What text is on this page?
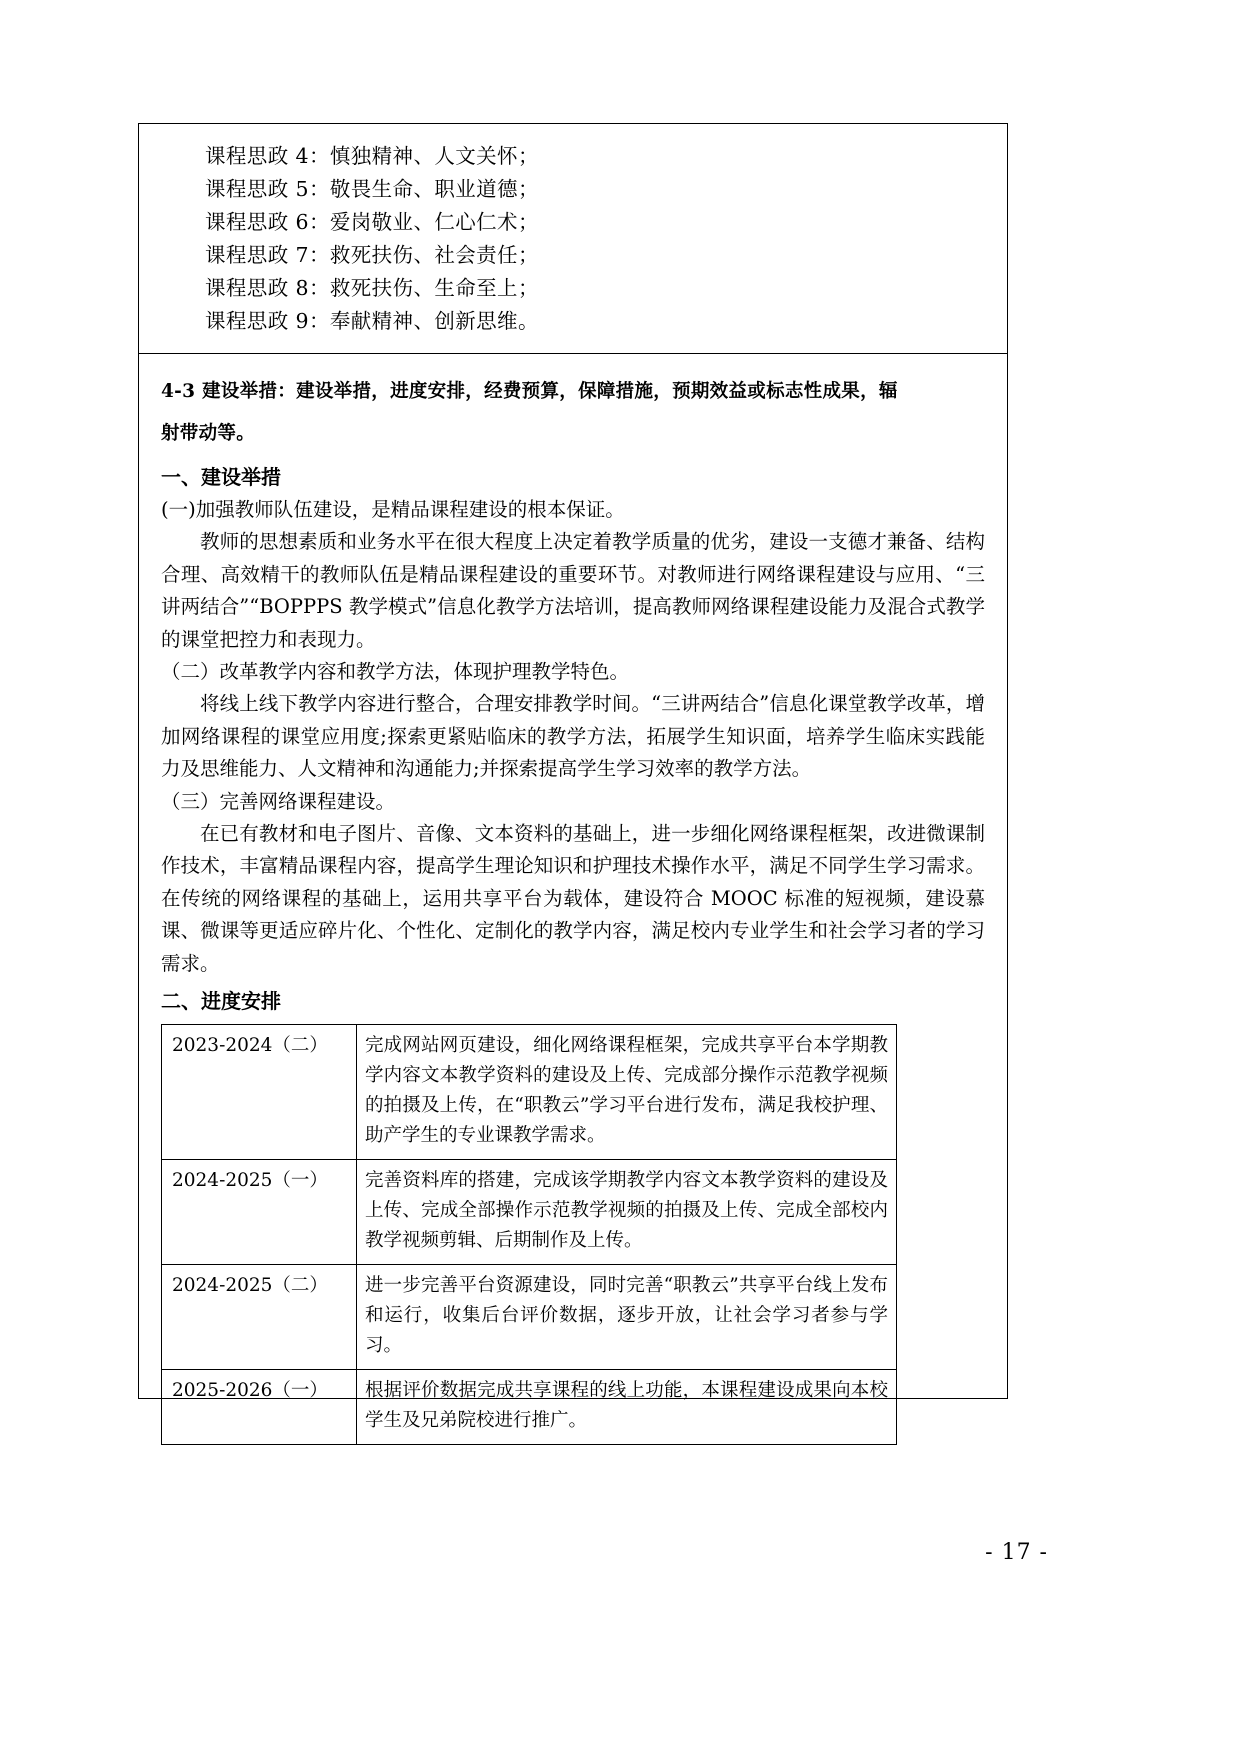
课程思政 4：慎独精神、人文关怀；
课程思政 5：敬畏生命、职业道德；
课程思政 6：爱岗敬业、仁心仁术；
课程思政 7：救死扶伤、社会责任；
课程思政 8：救死扶伤、生命至上；
课程思政 9：奉献精神、创新思维。
4-3 建设举措：建设举措，进度安排，经费预算，保障措施，预期效益或标志性成果，辐
射带动等。
一、建设举措
(一)加强教师队伍建设，是精品课程建设的根本保证。
教师的思想素质和业务水平在很大程度上决定着教学质量的优劣，建设一支德才兼备、结构合理、高效精干的教师队伍是精品课程建设的重要环节。对教师进行网络课程建设与应用、“三讲两结合”“BOPPPS 教学模式”信息化教学方法培训，提高教师网络课程建设能力及混合式教学的课堂把控力和表现力。
（二）改革教学内容和教学方法，体现护理教学特色。
将线上线下教学内容进行整合，合理安排教学时间。“三讲两结合”信息化课堂教学改革，增加网络课程的课堂应用度;探索更紧贴临床的教学方法，拓展学生知识面，培养学生临床实践能力及思维能力、人文精神和沟通能力;并探索提高学生学习效率的教学方法。
（三）完善网络课程建设。
在已有教材和电子图片、音像、文本资料的基础上，进一步细化网络课程框架，改进微课制作技术，丰富精品课程内容，提高学生理论知识和护理技术操作水平，满足不同学生学习需求。在传统的网络课程的基础上，运用共享平台为载体，建设符合 MOOC 标准的短视频，建设慕课、微课等更适应碎片化、个性化、定制化的教学内容，满足校内专业学生和社会学习者的学习需求。
二、进度安排
2023-2024（二）	完成网站网页建设，细化网络课程框架，完成共享平台本学期教学内容文本教学资料的建设及上传、完成部分操作示范教学视频的拍摄及上传，在“职教云”学习平台进行发布，满足我校护理、助产学生的专业课教学需求。
2024-2025（一）	完善资料库的搭建，完成该学期教学内容文本教学资料的建设及上传、完成全部操作示范教学视频的拍摄及上传、完成全部校内教学视频剪辑、后期制作及上传。
2024-2025（二）	进一步完善平台资源建设，同时完善“职教云”共享平台线上发布和运行，收集后台评价数据，逐步开放，让社会学习者参与学习。
2025-2026（一）	根据评价数据完成共享课程的线上功能，本课程建设成果向本校学生及兄弟院校进行推广。
- 17 -
